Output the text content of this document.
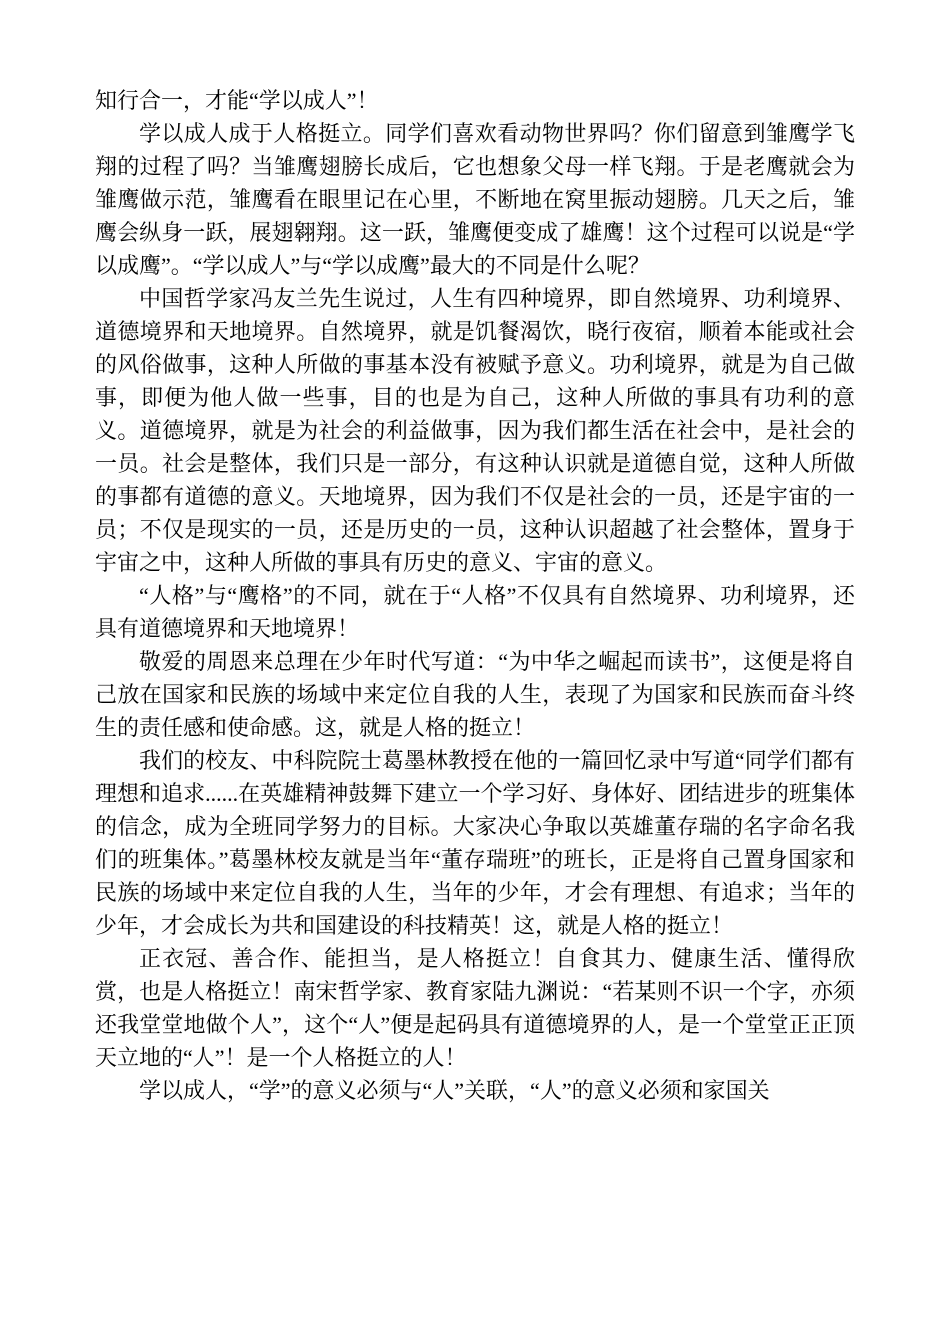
知行合一，才能“学以成人”！

学以成人成于人格挺立。同学们喜欢看动物世界吗？你们留意到雏鹰学飞翔的过程了吗？当雏鹰翅膀长成后，它也想象父母一样飞翔。于是老鹰就会为雏鹰做示范，雏鹰看在眼里记在心里，不断地在窝里振动翅膀。几天之后，雏鹰会纵身一跃，展翅翱翔。这一跃，雏鹰便变成了雄鹰！这个过程可以说是“学以成鹰”。“学以成人”与“学以成鹰”最大的不同是什么呢？

中国哲学家冯友兰先生说过，人生有四种境界，即自然境界、功利境界、道德境界和天地境界。自然境界，就是饥餐渴饮，晓行夜宿，顺着本能或社会的风俗做事，这种人所做的事基本没有被赋予意义。功利境界，就是为自己做事，即便为他人做一些事，目的也是为自己，这种人所做的事具有功利的意义。道德境界，就是为社会的利益做事，因为我们都生活在社会中，是社会的一员。社会是整体，我们只是一部分，有这种认识就是道德自觉，这种人所做的事都有道德的意义。天地境界，因为我们不仅是社会的一员，还是宇宙的一员；不仅是现实的一员，还是历史的一员，这种认识超越了社会整体，置身于宇宙之中，这种人所做的事具有历史的意义、宇宙的意义。

“人格”与“鹰格”的不同，就在于“人格”不仅具有自然境界、功利境界，还具有道德境界和天地境界！

敬爱的周恩来总理在少年时代写道：“为中华之崛起而读书”，这便是将自己放在国家和民族的场域中来定位自我的人生，表现了为国家和民族而奋斗终生的责任感和使命感。这，就是人格的挺立！

我们的校友、中科院院士葛墨林教授在他的一篇回忆录中写道“同学们都有理想和追求......在英雄精神鼓舞下建立一个学习好、身体好、团结进步的班集体的信念，成为全班同学努力的目标。大家决心争取以英雄董存瑞的名字命名我们的班集体。”葛墨林校友就是当年“董存瑞班”的班长，正是将自己置身国家和民族的场域中来定位自我的人生，当年的少年，才会有理想、有追求；当年的少年，才会成长为共和国建设的科技精英！这，就是人格的挺立！

正衣冠、善合作、能担当，是人格挺立！自食其力、健康生活、懂得欣赏，也是人格挺立！南宋哲学家、教育家陆九渊说：“若某则不识一个字，亦须还我堂堂地做个人”，这个“人”便是起码具有道德境界的人，是一个堂堂正正顶天立地的“人”！是一个人格挺立的人！

学以成人，“学”的意义必须与“人”关联，“人”的意义必须和家国关
